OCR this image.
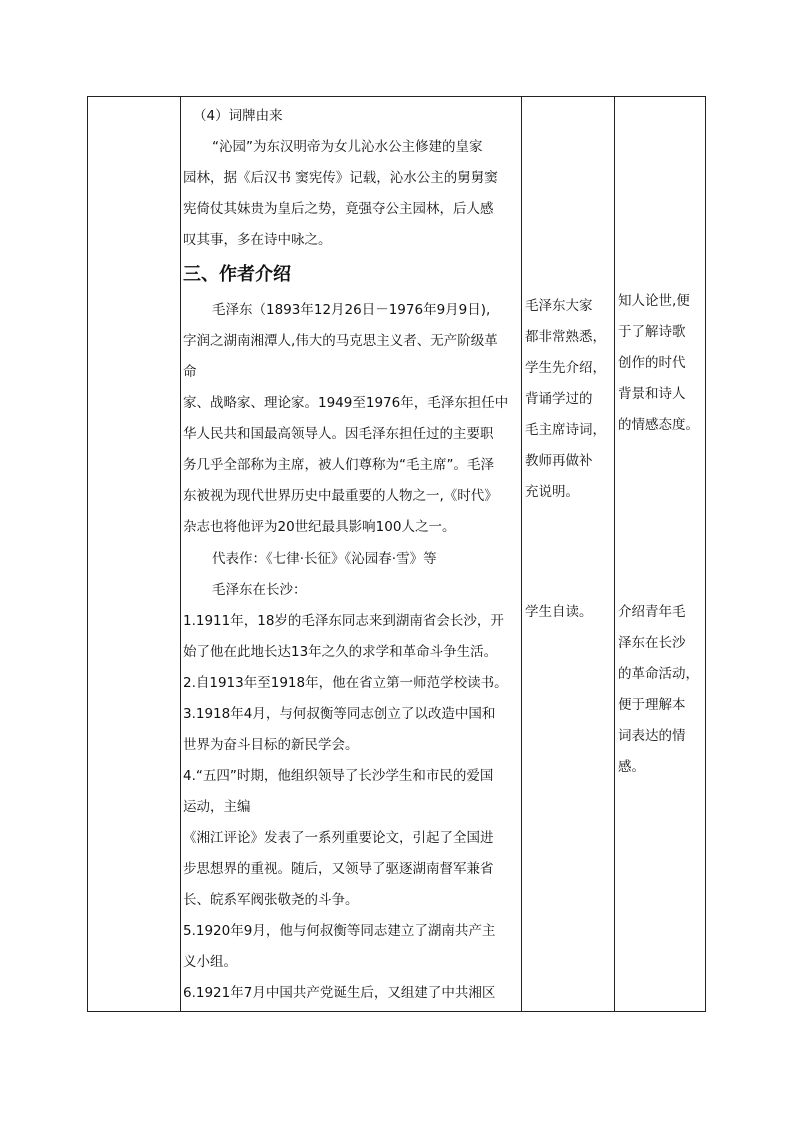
（4）词牌由来

“沁园”为东汉明帝为女儿沁水公主修建的皇家

园林，据《后汉书 窦宪传》记载，沁水公主的舅舅窦

宪倚仗其妹贵为皇后之势，竟强夺公主园林，后人感

叹其事，多在诗中咏之。

三、作者介绍

毛泽东（1893年12月26日－1976年9月9日),

字润之湖南湘潭人,伟大的马克思主义者、无产阶级革

命

家、战略家、理论家。1949至1976年，毛泽东担任中

华人民共和国最高领导人。因毛泽东担任过的主要职

务几乎全部称为主席，被人们尊称为“毛主席”。毛泽

东被视为现代世界历史中最重要的人物之一,《时代》

杂志也将他评为20世纪最具影响100人之一。

代表作：《七律·长征》《沁园春·雪》等

毛泽东在长沙：

1.1911年，18岁的毛泽东同志来到湖南省会长沙，开

始了他在此地长达13年之久的求学和革命斗争生活。

2.自1913年至1918年，他在省立第一师范学校读书。

3.1918年4月，与何叔衡等同志创立了以改造中国和

世界为奋斗目标的新民学会。

4.“五四”时期，他组织领导了长沙学生和市民的爱国

运动，主编

《湘江评论》发表了一系列重要论文，引起了全国进

步思想界的重视。随后，又领导了驱逐湖南督军兼省

长、皖系军阀张敬尧的斗争。

5.1920年9月，他与何叔衡等同志建立了湖南共产主

义小组。

6.1921年7月中国共产党诞生后，又组建了中共湘区

毛泽东大家
都非常熟悉，
学生先介绍，
背诵学过的
毛主席诗词，
教师再做补
充说明。
学生自读。
知人论世,便
于了解诗歌
创作的时代
背景和诗人
的情感态度。
介绍青年毛
泽东在长沙
的革命活动，
便于理解本
词表达的情
感。
